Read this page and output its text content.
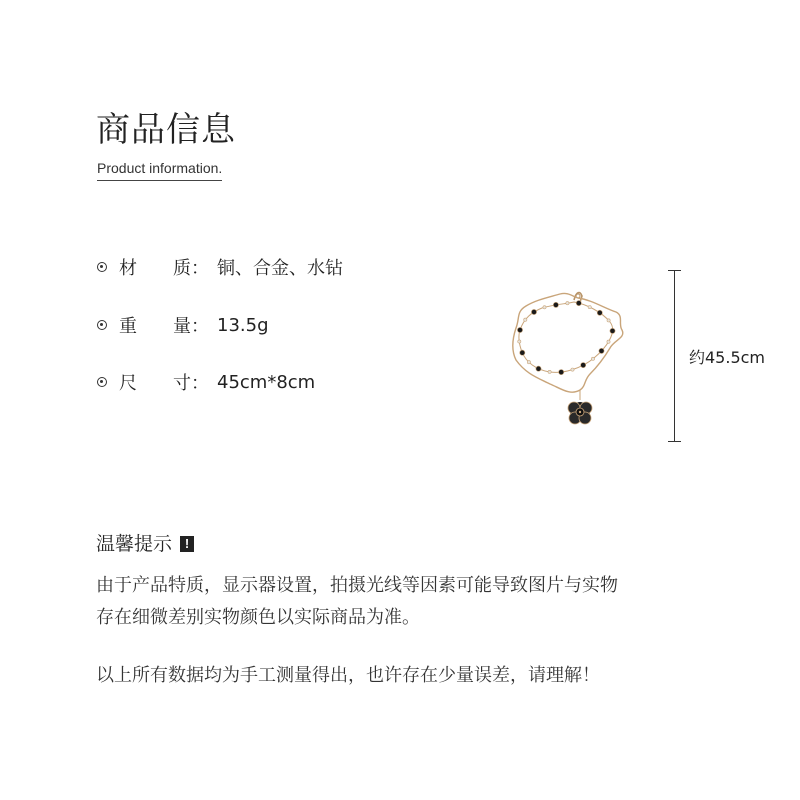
商品信息
Product information.
材　　质： 铜、合金、水钻
重　　量： 13.5g
尺　　寸： 45cm*8cm
约45.5cm
温馨提示 !
由于产品特质，显示器设置，拍摄光线等因素可能导致图片与实物
存在细微差别实物颜色以实际商品为准。
以上所有数据均为手工测量得出，也许存在少量误差，请理解！
